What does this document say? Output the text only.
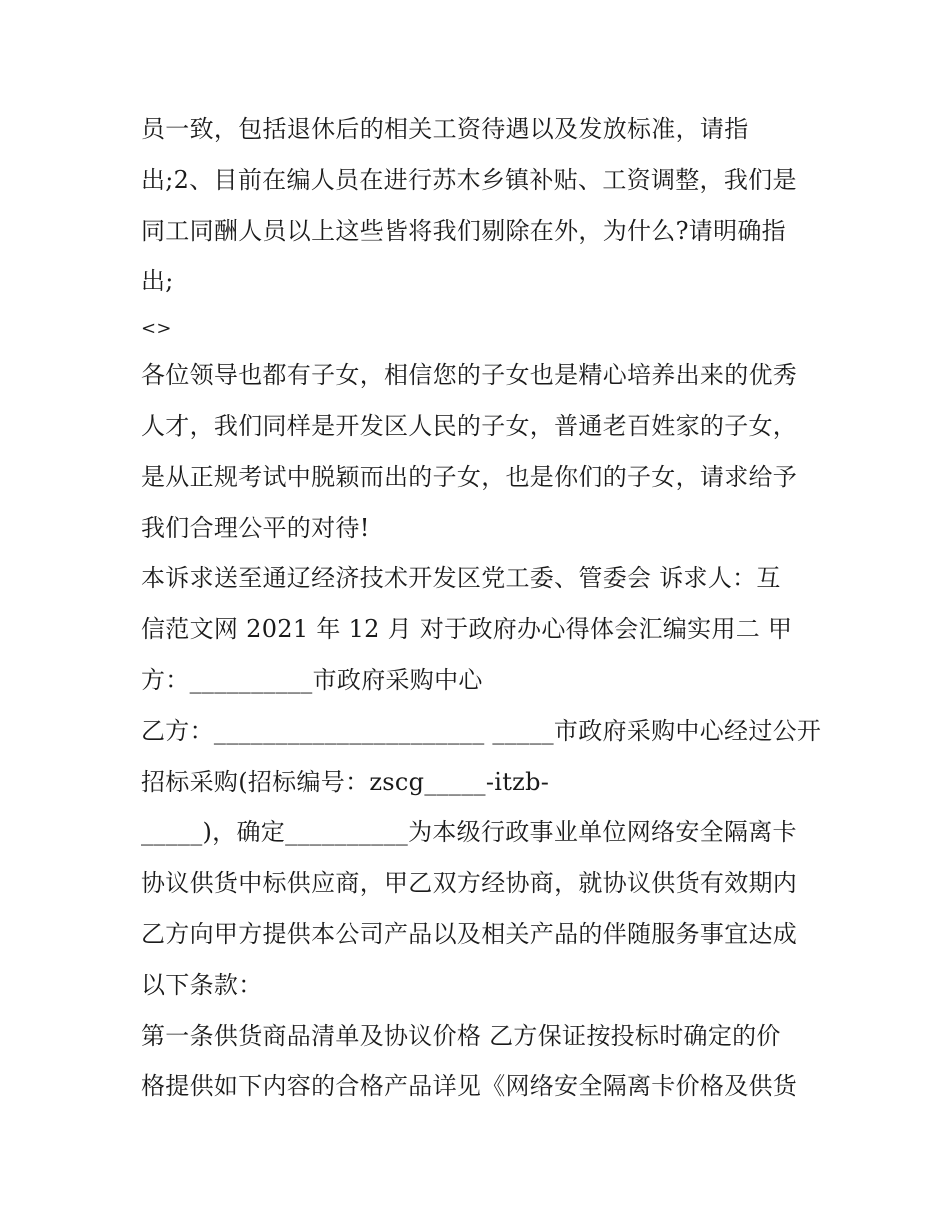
员一致，包括退休后的相关工资待遇以及发放标准，请指
出;2、目前在编人员在进行苏木乡镇补贴、工资调整，我们是
同工同酬人员以上这些皆将我们剔除在外，为什么?请明确指
出;
<>
各位领导也都有子女，相信您的子女也是精心培养出来的优秀
人才，我们同样是开发区人民的子女，普通老百姓家的子女，
是从正规考试中脱颖而出的子女，也是你们的子女，请求给予
我们合理公平的对待!
本诉求送至通辽经济技术开发区党工委、管委会 诉求人：互
信范文网 2021 年 12 月 对于政府办心得体会汇编实用二 甲
方：__________市政府采购中心
乙方：______________________ _____市政府采购中心经过公开
招标采购(招标编号：zscg_____-itzb-
_____)，确定__________为本级行政事业单位网络安全隔离卡
协议供货中标供应商，甲乙双方经协商，就协议供货有效期内
乙方向甲方提供本公司产品以及相关产品的伴随服务事宜达成
以下条款：
第一条供货商品清单及协议价格 乙方保证按投标时确定的价
格提供如下内容的合格产品详见《网络安全隔离卡价格及供货
